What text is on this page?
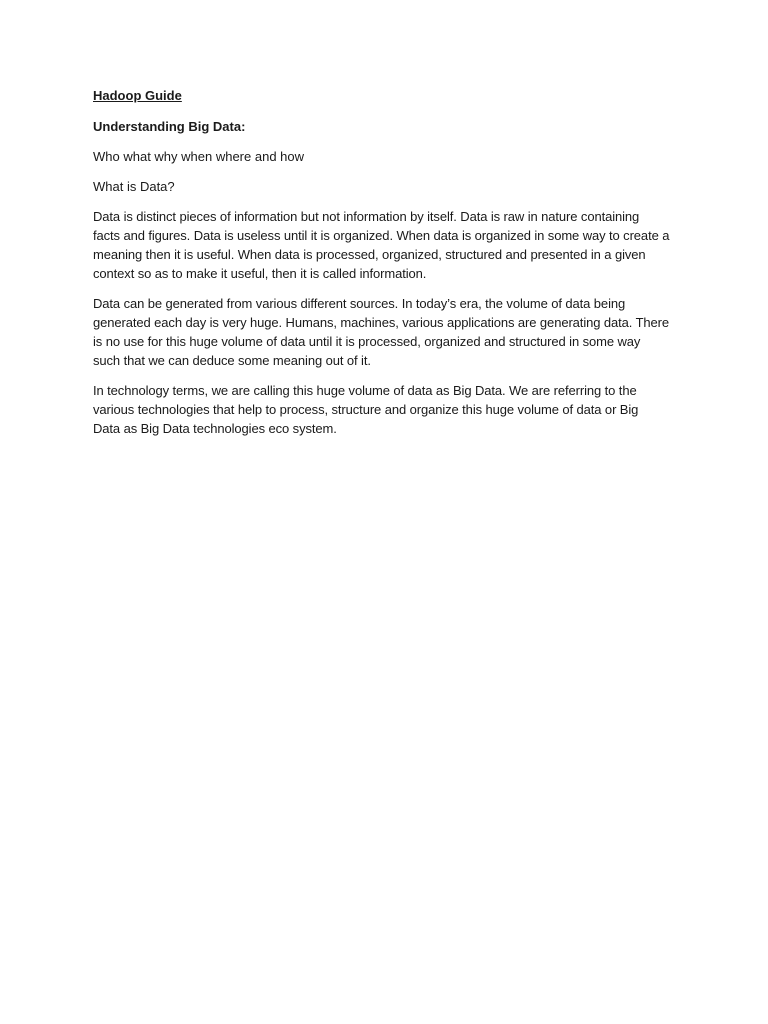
Hadoop Guide
Understanding Big Data:
Who what why when where and how
What is Data?
Data is distinct pieces of information but not information by itself. Data is raw in nature containing
facts and figures. Data is useless until it is organized. When data is organized in some way to create a
meaning then it is useful. When data is processed, organized, structured and presented in a given
context so as to make it useful, then it is called information.
Data can be generated from various different sources. In today’s era, the volume of data being
generated each day is very huge. Humans, machines, various applications are generating data. There
is no use for this huge volume of data until it is processed, organized and structured in some way
such that we can deduce some meaning out of it.
In technology terms, we are calling this huge volume of data as Big Data. We are referring to the
various technologies that help to process, structure and organize this huge volume of data or Big
Data as Big Data technologies eco system.
